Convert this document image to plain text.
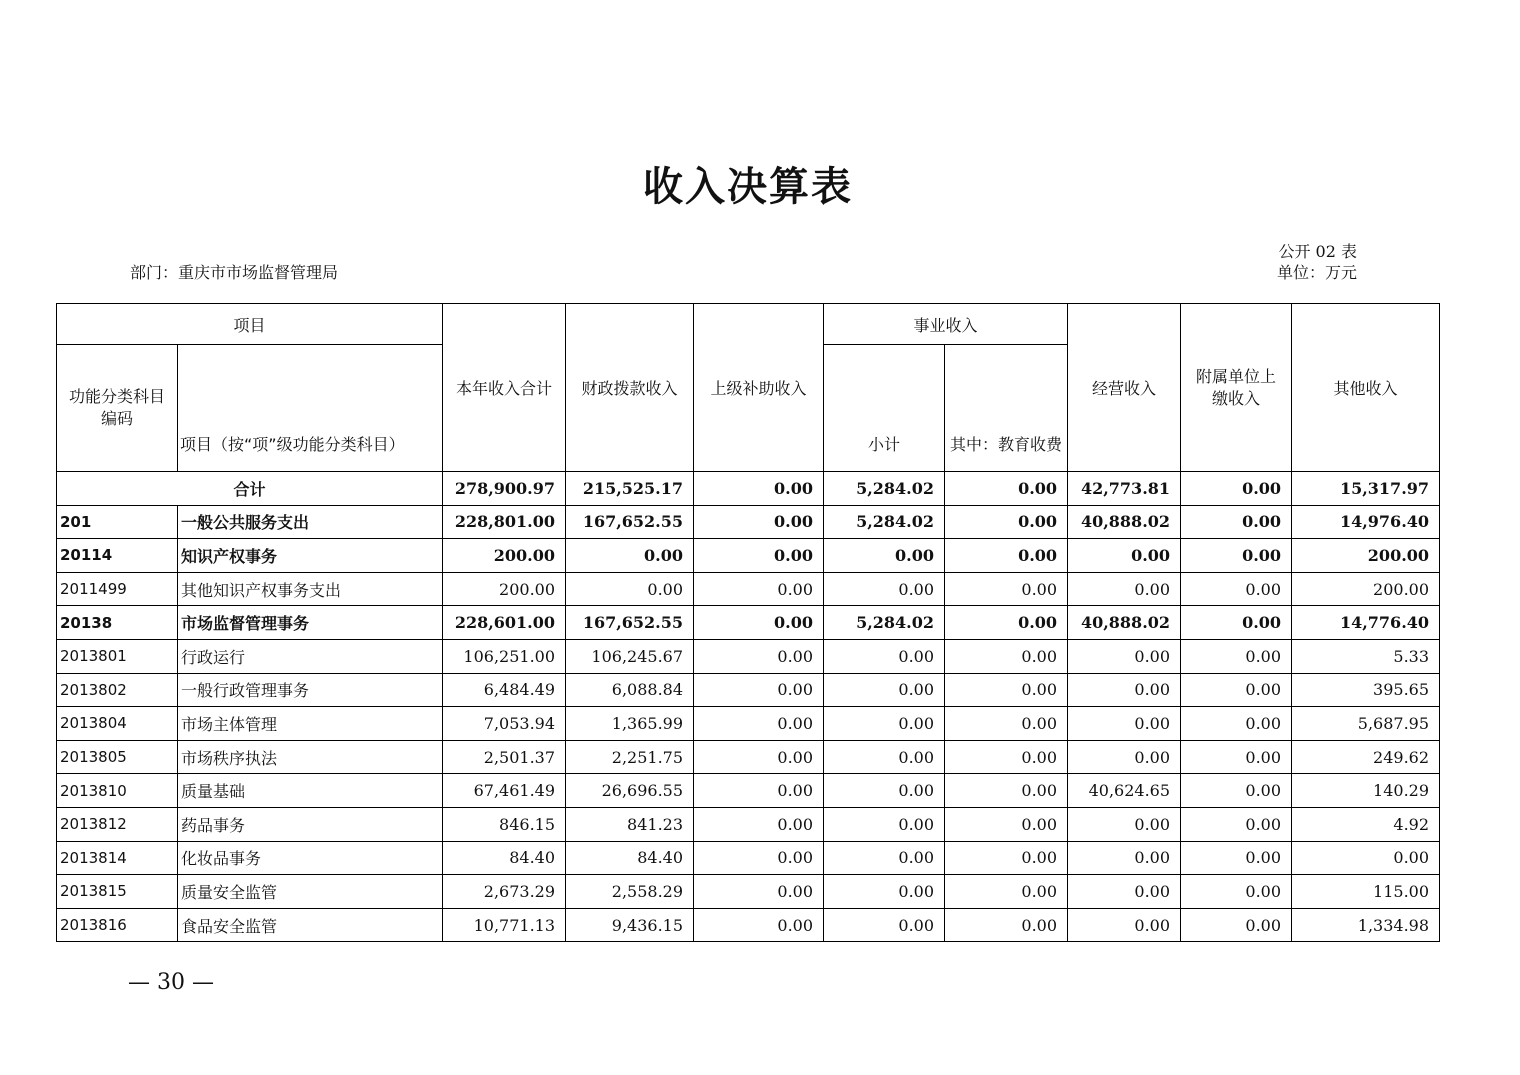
收入决算表
公开 02 表
部门：重庆市市场监督管理局	单位：万元
项目		本年收入合计	财政拨款收入	上级补助收入	事业收入		经营收入	附属单位上缴收入	其他收入
功能分类科目编码	项目（按“项”级功能分类科目）				小计	其中：教育收费			
合计		278,900.97	215,525.17	0.00	5,284.02	0.00	42,773.81	0.00	15,317.97
201	一般公共服务支出	228,801.00	167,652.55	0.00	5,284.02	0.00	40,888.02	0.00	14,976.40
20114	知识产权事务	200.00	0.00	0.00	0.00	0.00	0.00	0.00	200.00
2011499	其他知识产权事务支出	200.00	0.00	0.00	0.00	0.00	0.00	0.00	200.00
20138	市场监督管理事务	228,601.00	167,652.55	0.00	5,284.02	0.00	40,888.02	0.00	14,776.40
2013801	行政运行	106,251.00	106,245.67	0.00	0.00	0.00	0.00	0.00	5.33
2013802	一般行政管理事务	6,484.49	6,088.84	0.00	0.00	0.00	0.00	0.00	395.65
2013804	市场主体管理	7,053.94	1,365.99	0.00	0.00	0.00	0.00	0.00	5,687.95
2013805	市场秩序执法	2,501.37	2,251.75	0.00	0.00	0.00	0.00	0.00	249.62
2013810	质量基础	67,461.49	26,696.55	0.00	0.00	0.00	40,624.65	0.00	140.29
2013812	药品事务	846.15	841.23	0.00	0.00	0.00	0.00	0.00	4.92
2013814	化妆品事务	84.40	84.40	0.00	0.00	0.00	0.00	0.00	0.00
2013815	质量安全监管	2,673.29	2,558.29	0.00	0.00	0.00	0.00	0.00	115.00
2013816	食品安全监管	10,771.13	9,436.15	0.00	0.00	0.00	0.00	0.00	1,334.98
— 30 —
